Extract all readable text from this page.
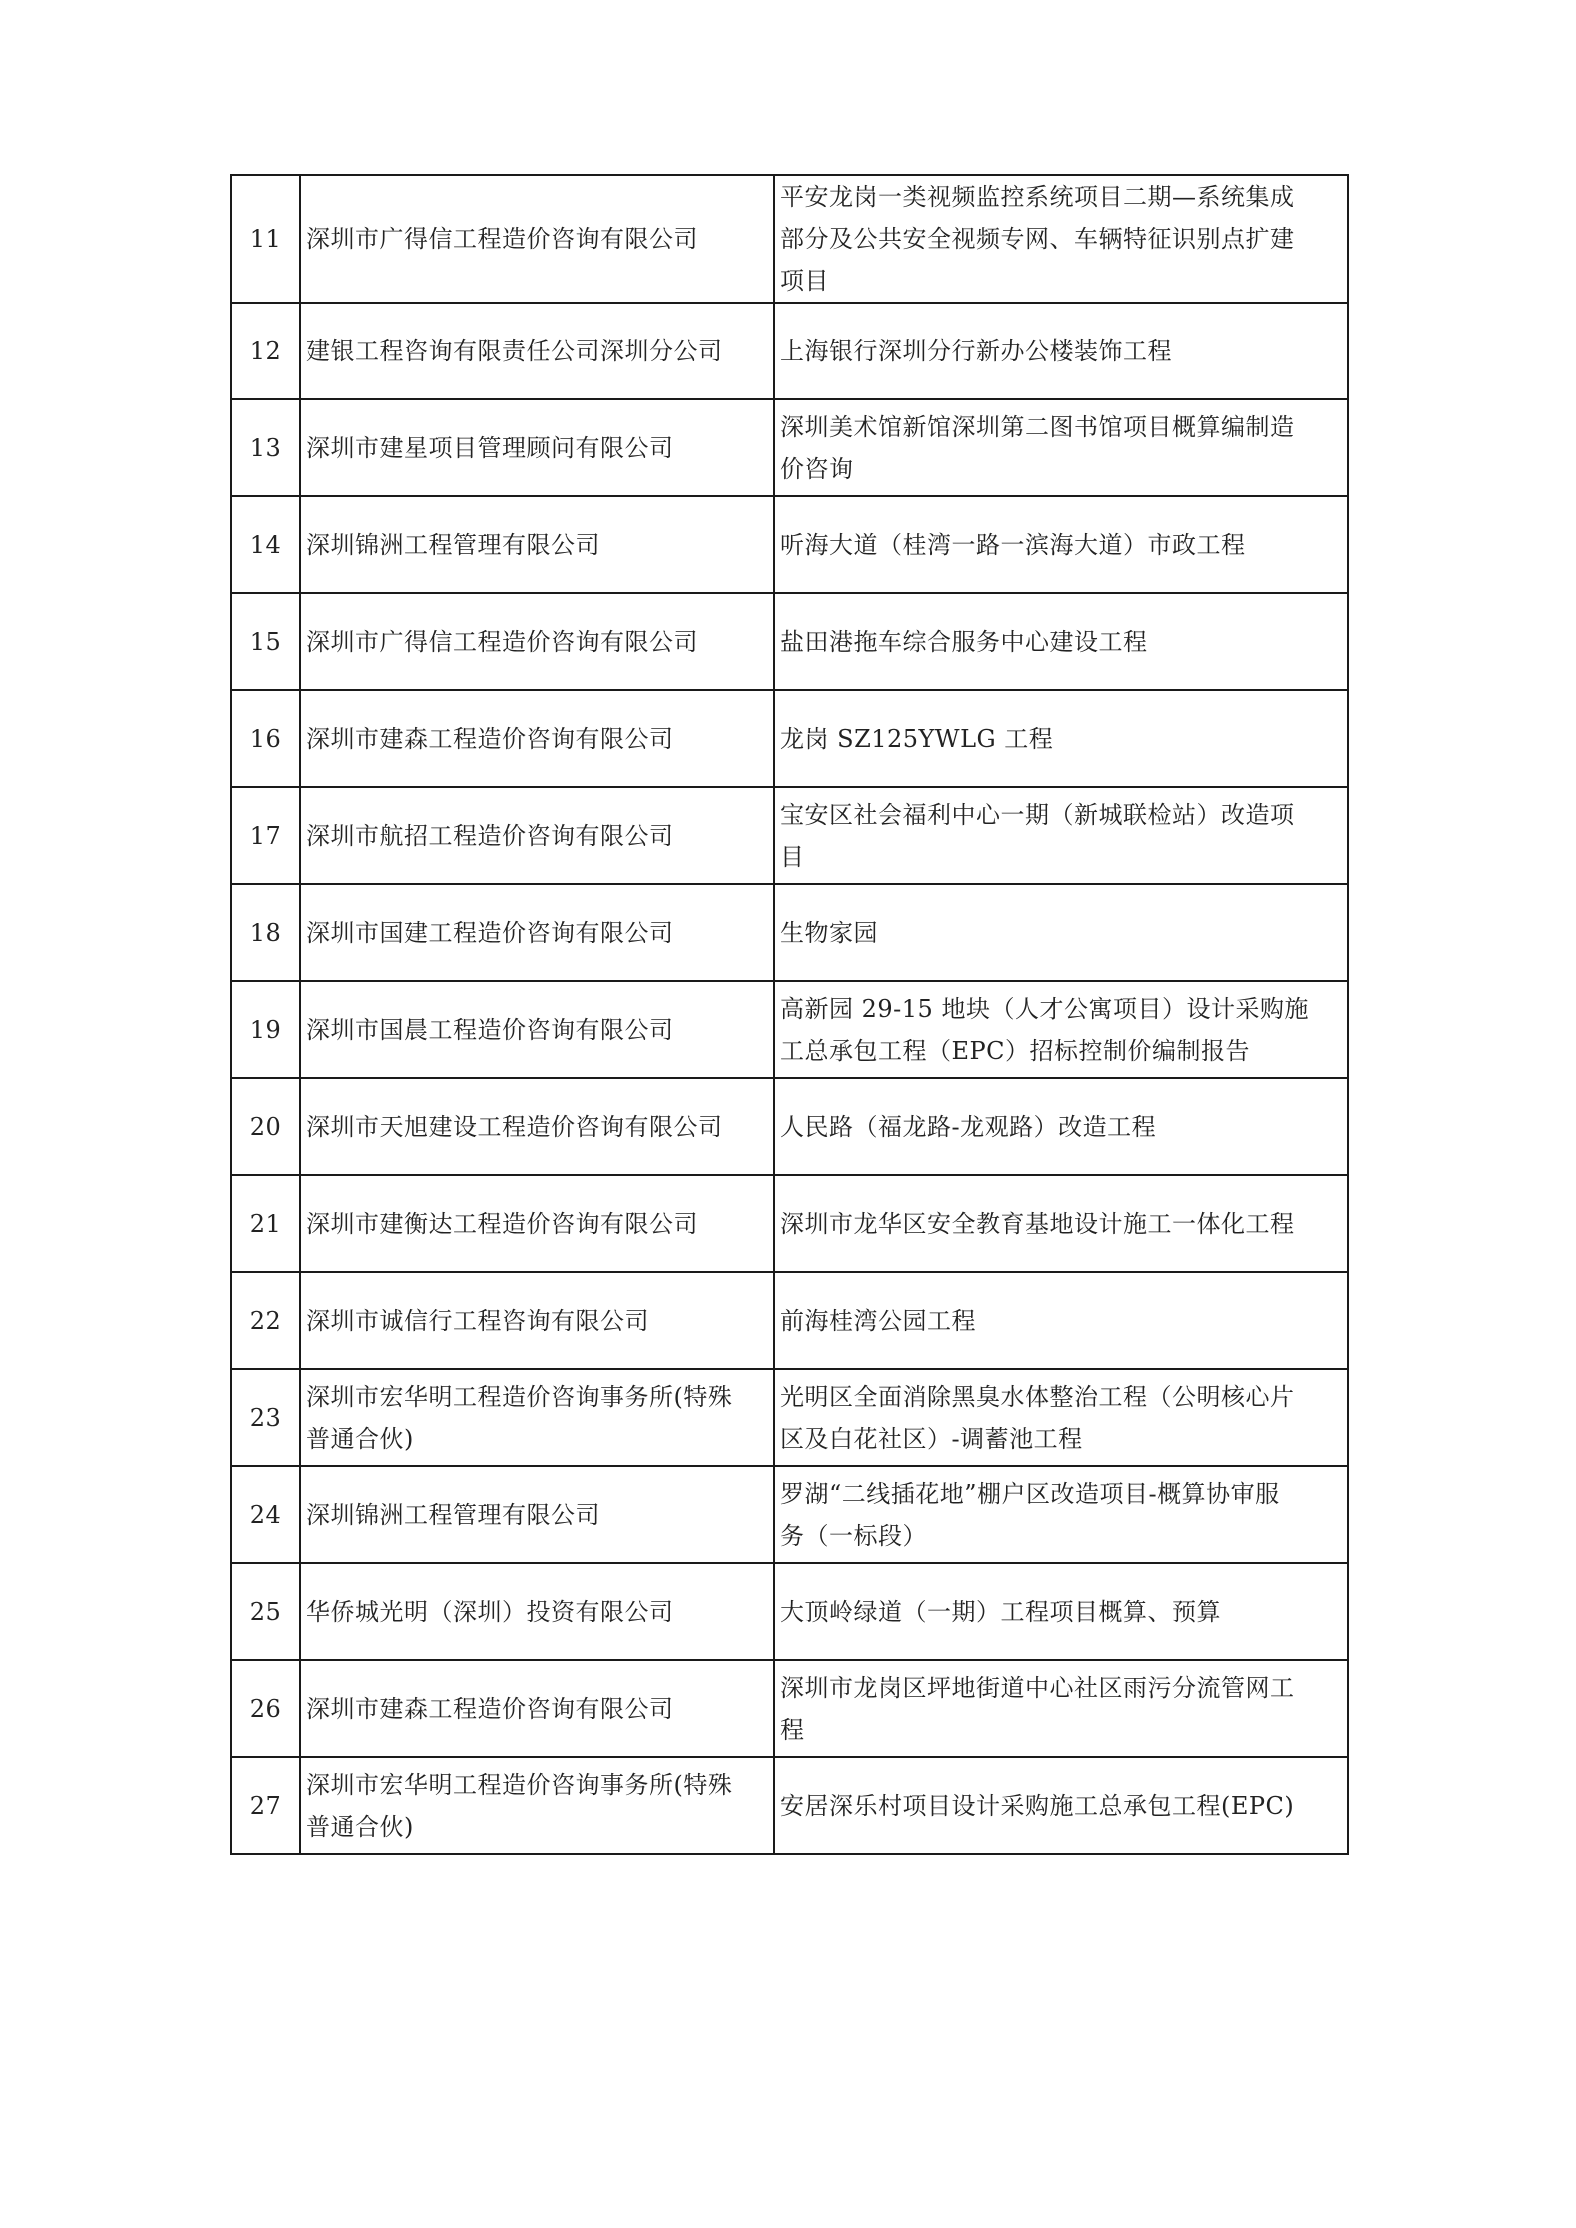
11	深圳市广得信工程造价咨询有限公司	平安龙岗一类视频监控系统项目二期—系统集成
部分及公共安全视频专网、车辆特征识别点扩建
项目

12	建银工程咨询有限责任公司深圳分公司	上海银行深圳分行新办公楼装饰工程

13	深圳市建星项目管理顾问有限公司	深圳美术馆新馆深圳第二图书馆项目概算编制造
价咨询

14	深圳锦洲工程管理有限公司	听海大道（桂湾一路一滨海大道）市政工程

15	深圳市广得信工程造价咨询有限公司	盐田港拖车综合服务中心建设工程

16	深圳市建森工程造价咨询有限公司	龙岗 SZ125YWLG 工程

17	深圳市航招工程造价咨询有限公司	宝安区社会福利中心一期（新城联检站）改造项
目

18	深圳市国建工程造价咨询有限公司	生物家园

19	深圳市国晨工程造价咨询有限公司	高新园 29-15 地块（人才公寓项目）设计采购施
工总承包工程（EPC）招标控制价编制报告

20	深圳市天旭建设工程造价咨询有限公司	人民路（福龙路-龙观路）改造工程

21	深圳市建衡达工程造价咨询有限公司	深圳市龙华区安全教育基地设计施工一体化工程

22	深圳市诚信行工程咨询有限公司	前海桂湾公园工程

23	深圳市宏华明工程造价咨询事务所(特殊
普通合伙)	光明区全面消除黑臭水体整治工程（公明核心片
区及白花社区）-调蓄池工程

24	深圳锦洲工程管理有限公司	罗湖“二线插花地”棚户区改造项目-概算协审服
务（一标段）

25	华侨城光明（深圳）投资有限公司	大顶岭绿道（一期）工程项目概算、预算

26	深圳市建森工程造价咨询有限公司	深圳市龙岗区坪地街道中心社区雨污分流管网工
程

27	深圳市宏华明工程造价咨询事务所(特殊
普通合伙)	安居深乐村项目设计采购施工总承包工程(EPC)
